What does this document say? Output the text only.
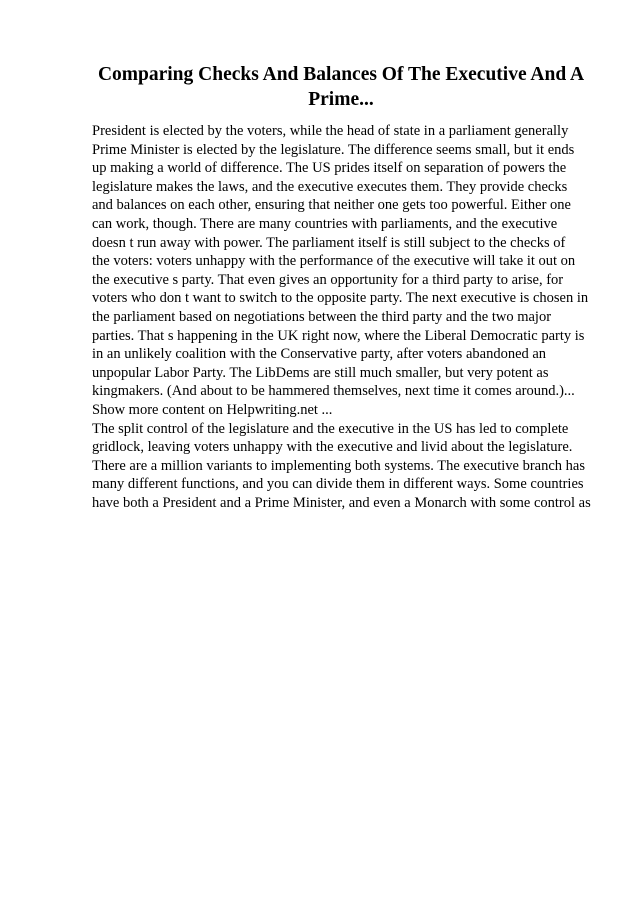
Comparing Checks And Balances Of The Executive And A
Prime...
President is elected by the voters, while the head of state in a parliament generally
Prime Minister is elected by the legislature. The difference seems small, but it ends
up making a world of difference. The US prides itself on separation of powers the
legislature makes the laws, and the executive executes them. They provide checks
and balances on each other, ensuring that neither one gets too powerful. Either one
can work, though. There are many countries with parliaments, and the executive
doesn t run away with power. The parliament itself is still subject to the checks of
the voters: voters unhappy with the performance of the executive will take it out on
the executive s party. That even gives an opportunity for a third party to arise, for
voters who don t want to switch to the opposite party. The next executive is chosen in
the parliament based on negotiations between the third party and the two major
parties. That s happening in the UK right now, where the Liberal Democratic party is
in an unlikely coalition with the Conservative party, after voters abandoned an
unpopular Labor Party. The LibDems are still much smaller, but very potent as
kingmakers. (And about to be hammered themselves, next time it comes around.)...
Show more content on Helpwriting.net ...
The split control of the legislature and the executive in the US has led to complete
gridlock, leaving voters unhappy with the executive and livid about the legislature.
There are a million variants to implementing both systems. The executive branch has
many different functions, and you can divide them in different ways. Some countries
have both a President and a Prime Minister, and even a Monarch with some control as
